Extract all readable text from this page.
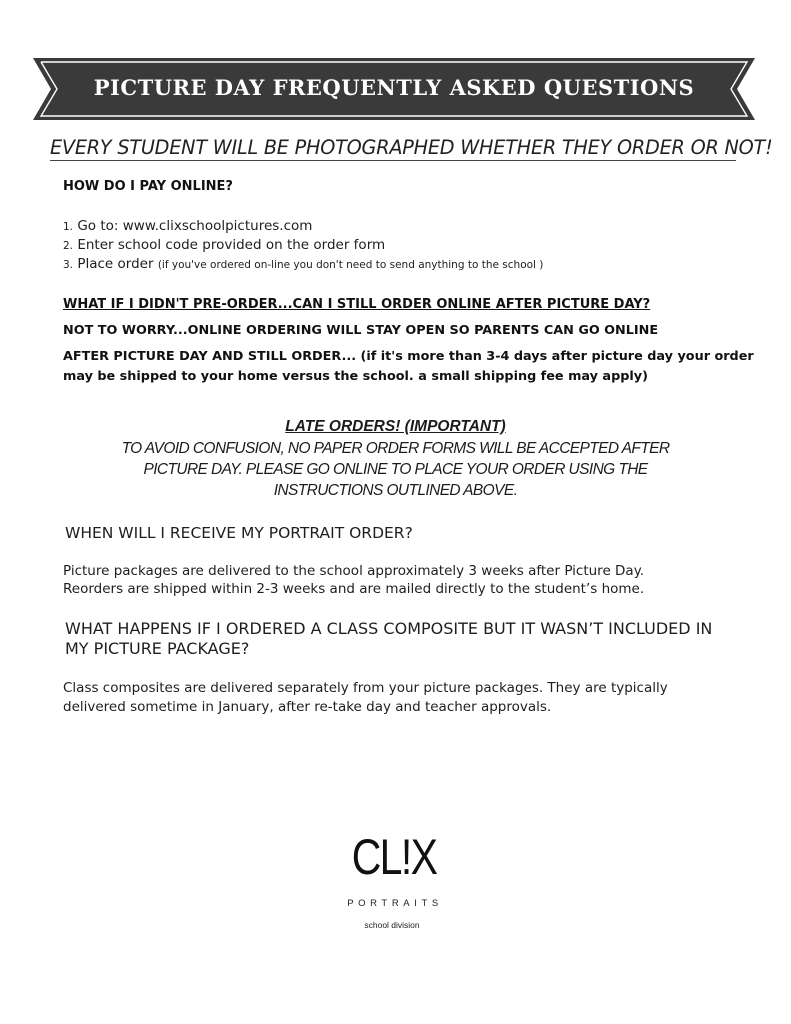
PICTURE DAY FREQUENTLY ASKED QUESTIONS
EVERY STUDENT WILL BE PHOTOGRAPHED WHETHER THEY ORDER OR NOT!
HOW DO I PAY ONLINE?
1. Go to: www.clixschoolpictures.com
2. Enter school code provided on the order form
3. Place order (if you've ordered on-line you don't need to send anything to the school )
WHAT IF I DIDN'T PRE-ORDER...CAN I STILL ORDER ONLINE AFTER PICTURE DAY?
NOT TO WORRY...ONLINE ORDERING WILL STAY OPEN SO PARENTS CAN GO ONLINE
AFTER PICTURE DAY AND STILL ORDER... (if it's more than 3-4 days after picture day your order
may be shipped to your home versus the school. a small shipping fee may apply)
LATE ORDERS! (IMPORTANT)
TO AVOID CONFUSION, NO PAPER ORDER FORMS WILL BE ACCEPTED AFTER
PICTURE DAY. PLEASE GO ONLINE TO PLACE YOUR ORDER USING THE
INSTRUCTIONS OUTLINED ABOVE.
WHEN WILL I RECEIVE MY PORTRAIT ORDER?
Picture packages are delivered to the school approximately 3 weeks after Picture Day.
Reorders are shipped within 2-3 weeks and are mailed directly to the student’s home.
WHAT HAPPENS IF I ORDERED A CLASS COMPOSITE BUT IT WASN’T INCLUDED IN
MY PICTURE PACKAGE?
Class composites are delivered separately from your picture packages. They are typically
delivered sometime in January, after re-take day and teacher approvals.
CL!X
PORTRAITS
school division
